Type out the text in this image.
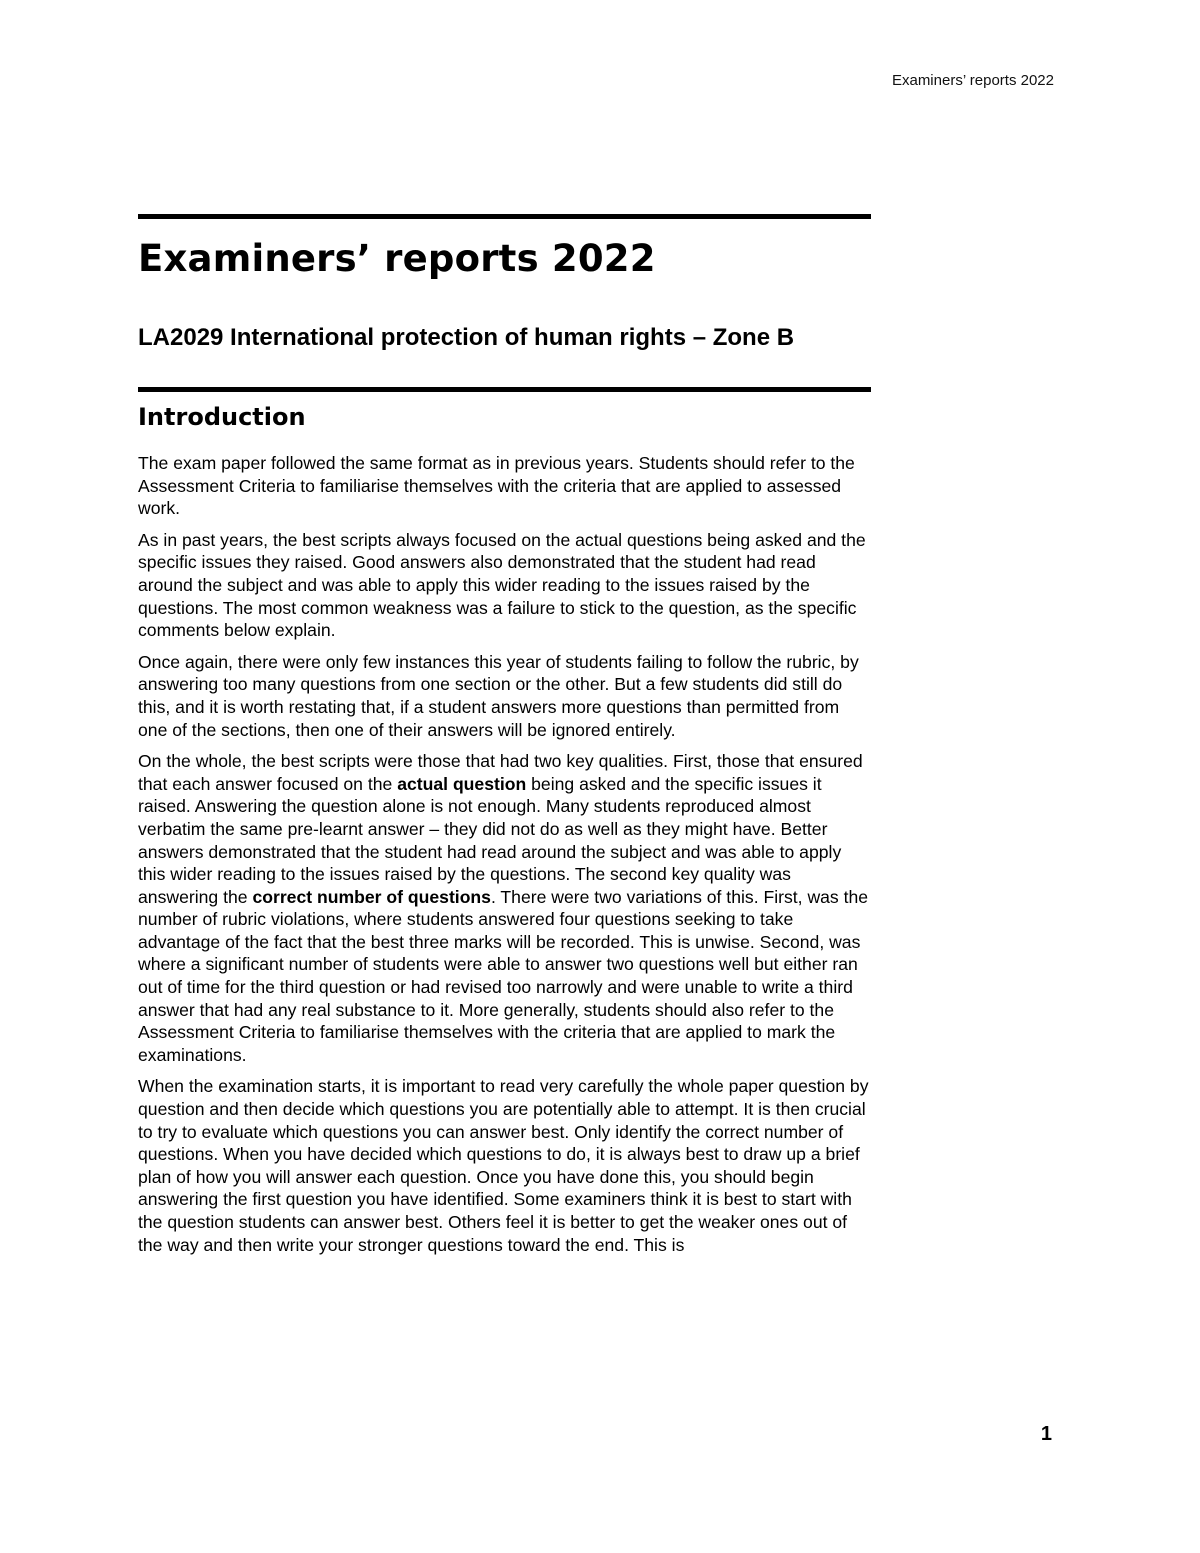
Examiners’ reports 2022
Examiners’ reports 2022
LA2029 International protection of human rights – Zone B
Introduction

The exam paper followed the same format as in previous years. Students should refer to the Assessment Criteria to familiarise themselves with the criteria that are applied to assessed work.

As in past years, the best scripts always focused on the actual questions being asked and the specific issues they raised. Good answers also demonstrated that the student had read around the subject and was able to apply this wider reading to the issues raised by the questions. The most common weakness was a failure to stick to the question, as the specific comments below explain.

Once again, there were only few instances this year of students failing to follow the rubric, by answering too many questions from one section or the other. But a few students did still do this, and it is worth restating that, if a student answers more questions than permitted from one of the sections, then one of their answers will be ignored entirely.

On the whole, the best scripts were those that had two key qualities. First, those that ensured that each answer focused on the actual question being asked and the specific issues it raised. Answering the question alone is not enough. Many students reproduced almost verbatim the same pre-learnt answer – they did not do as well as they might have. Better answers demonstrated that the student had read around the subject and was able to apply this wider reading to the issues raised by the questions. The second key quality was answering the correct number of questions. There were two variations of this. First, was the number of rubric violations, where students answered four questions seeking to take advantage of the fact that the best three marks will be recorded. This is unwise. Second, was where a significant number of students were able to answer two questions well but either ran out of time for the third question or had revised too narrowly and were unable to write a third answer that had any real substance to it. More generally, students should also refer to the Assessment Criteria to familiarise themselves with the criteria that are applied to mark the examinations.

When the examination starts, it is important to read very carefully the whole paper question by question and then decide which questions you are potentially able to attempt. It is then crucial to try to evaluate which questions you can answer best. Only identify the correct number of questions. When you have decided which questions to do, it is always best to draw up a brief plan of how you will answer each question. Once you have done this, you should begin answering the first question you have identified. Some examiners think it is best to start with the question students can answer best. Others feel it is better to get the weaker ones out of the way and then write your stronger questions toward the end. This is

1
